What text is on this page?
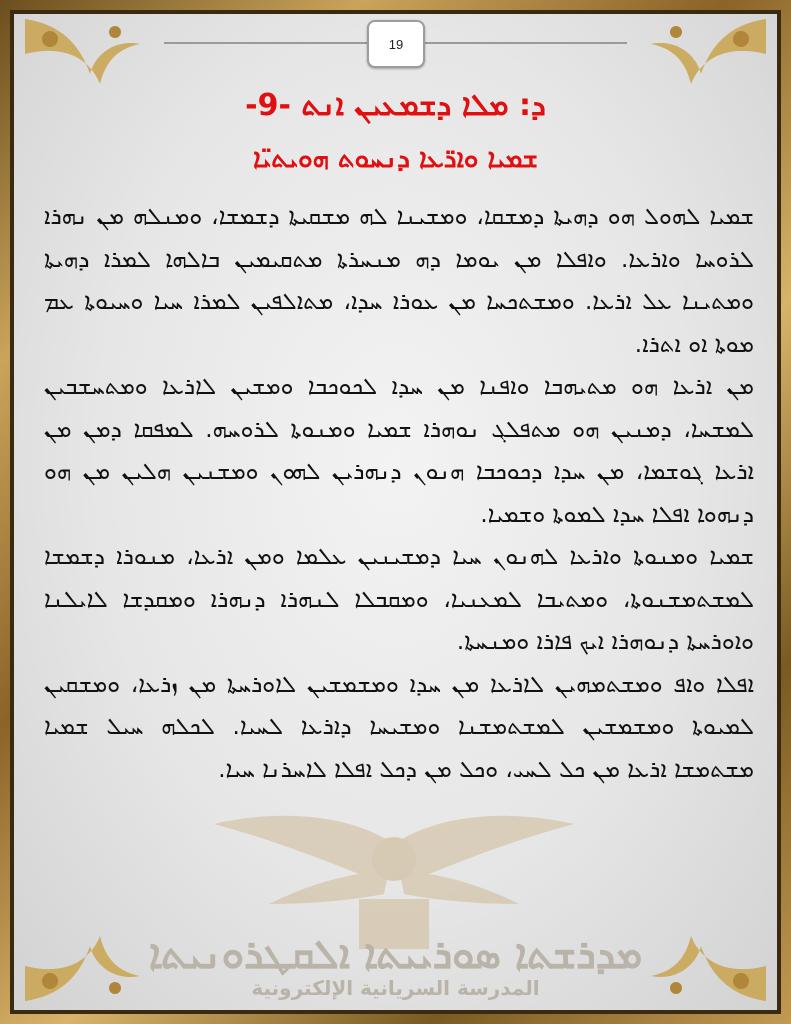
19
-9- ܕ: ܡܠܐ ܕܫܡܥܝܢ ܐܢܬ
ܫܡܝܐ ܘܐܪ̈ܥܐ ܕܢܚܘܬ ܗܘܝܬܝ̈ܐ

ܫܡܝܐ ܠܗܘܠ ܗܘ ܕܗܝܬܐ ܕܡܫܩܐ، ܘܡܫܝܢܐ ܠܗ ܡܫܩܝܬܐ ܕܫܡܫܐ، ܘܡܢܠܗ ܡܢ ܢܗܪܐ ܠܪܘܚܐ ܘܐܪܥܐ. ܘܐܦܠܐ ܡܢ ܝܘܡܐ ܕܗ ܡܢܚܪܬܐ ܡܬܩܝܡܝܢ ܒܐܠܗܐ ܠܡܪܐ ܕܗܝܬܐ ܘܡܬܝܢܐ ܥܠ ܐܪܥܐ. ܘܡܫܬܟܚܐ ܡܢ ܥܘܪܐ ܚܕܐ، ܡܬܐܠܦܝܢ ܠܡܪܐ ܚܝܐ ܘܚܝܘܬܐ ܥܡ ܡܘܬܐ ܐܘ ܐܬܪܐ.

ܡܢ ܐܪܥܐ ܗܘ ܡܬܝܗܒܐ ܘܐܦܢܐ ܡܢ ܚܕܐ ܠܟܘܟܒܐ ܘܡܫܝܢ ܠܐܪܥܐ ܘܡܬܚܫܒܝܢ ܠܡܫܚܐ، ܕܡܢܝܢ ܗܘ ܡܬܦܠܓ ܢܘܗܪܐ ܫܡܝܐ ܘܡܢܘܬܐ ܠܪܘܚܗ. ܠܡܦܩܐ ܕܡܢ ܡܢ ܐܪܥܐ ܓܘܫܡܐ، ܡܢ ܚܕܐ ܕܟܘܟܒܐ ܗܢܘܢ ܕܢܗܪܝܢ ܠܗܘܢ ܘܡܫܢܝܢ ܗܠܝܢ ܡܢ ܗܘ ܕܢܗܘܐ ܐܦܠܐ ܚܕܐ ܠܡܘܬܐ ܘܫܡܝܐ.

ܫܡܝܐ ܘܡܢܘܬܐ ܘܐܪܥܐ ܠܗܢܘܢ ܚܝܐ ܕܡܫܝܢܝܢ ܥܠܡܐ ܘܡܢ ܐܪܥܐ، ܡܢܘܪܐ ܕܫܡܫܐ ܠܡܫܬܡܫܢܘܬܐ، ܘܡܬܝܒܐ ܠܡܥܢܝܐ، ܘܡܩܒܠܐ ܠܢܗܪܐ ܕܢܗܪܐ ܘܡܩܕܫܐ ܠܐܝܠܢܐ ܘܐܘܪܚܬܐ ܕܢܘܗܪܐ ܐܝܟ ܦܐܪܐ ܘܡܢܚܬܐ.

ܐܦܠܐ ܘܐܦ ܘܡܫܬܡܗܝܢ ܠܐܪܥܐ ܡܢ ܚܕܐ ܘܡܫܡܫܝܢ ܠܐܘܪܚܬܐ ܡܢ ܙܪܥܐ، ܘܡܫܩܝܢ ܠܡܝܘܬܐ ܘܡܫܡܫܝܢ ܠܡܫܬܡܫܢܐ ܘܡܫܝܚܐ ܕܐܪܥܐ ܠܚܝܐ. ܠܟܠܗ ܚܝܠ ܫܡܝܐ ܡܫܬܡܫܐ ܐܪܥܐ ܡܢ ܟܠ ܠܚܝ، ܘܟܠ ܡܢ ܕܟܠ ܐܦܠܐ ܠܐܚܪܢܐ ܚܝܐ.

ܡܕܪܫܬܐ ܣܘܪܝܝܬܐ ܐܠܩܛܪܘܢܝܬܐ
المدرسة السريانية الإلكترونية
